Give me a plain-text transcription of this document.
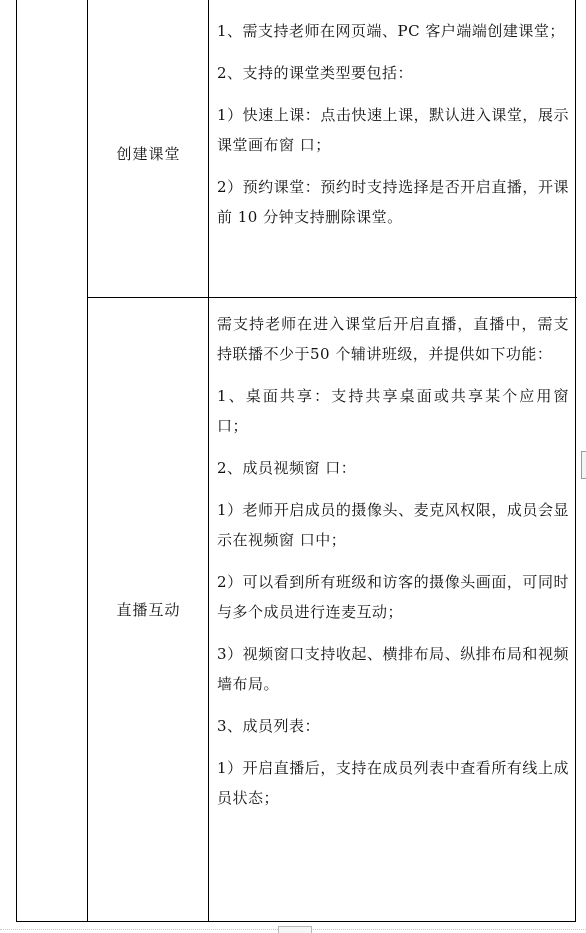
创建课堂

1、需支持老师在网页端、PC 客户端端创建课堂；

2、支持的课堂类型要包括：

1）快速上课：点击快速上课，默认进入课堂，展示课堂画布窗 口；

2）预约课堂：预约时支持选择是否开启直播，开课前 10 分钟支持删除课堂。

直播互动

需支持老师在进入课堂后开启直播，直播中，需支持联播不少于50 个辅讲班级，并提供如下功能：

1、桌面共享：支持共享桌面或共享某个应用窗 口；

2、成员视频窗 口：

1）老师开启成员的摄像头、麦克风权限，成员会显示在视频窗 口中；

2）可以看到所有班级和访客的摄像头画面，可同时与多个成员进行连麦互动；

3）视频窗口支持收起、横排布局、纵排布局和视频墙布局。

3、成员列表：

1）开启直播后，支持在成员列表中查看所有线上成员状态；
